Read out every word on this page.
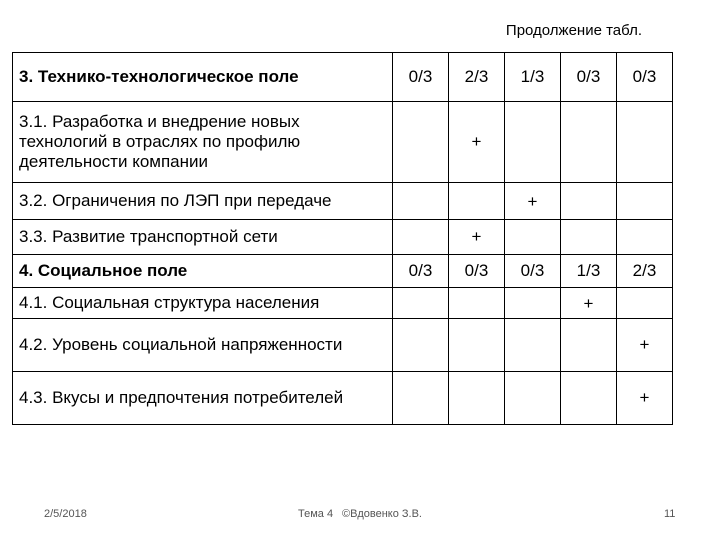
Продолжение табл.
3. Технико-технологическое поле	0/3	2/3	1/3	0/3	0/3
3.1. Разработка и внедрение новых технологий в отраслях по профилю деятельности компании		+			
3.2. Ограничения по ЛЭП при передаче			+		
3.3. Развитие транспортной сети		+			
4. Социальное поле	0/3	0/3	0/3	1/3	2/3
4.1. Социальная структура населения				+	
4.2. Уровень социальной напряженности					+
4.3. Вкусы и предпочтения потребителей					+
2/5/2018	Тема 4 ©Вдовенко З.В.	11
